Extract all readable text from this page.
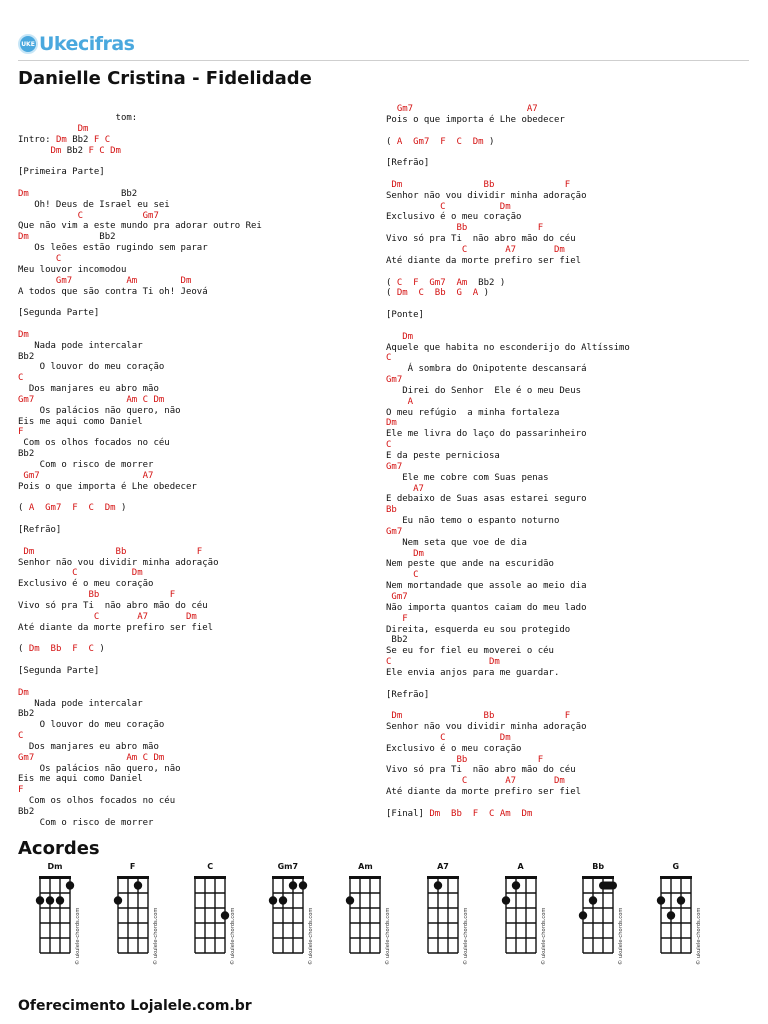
UKE Ukecifras
Danielle Cristina - Fidelidade
tom:
Dm
Intro: Dm Bb2 F C
Dm Bb2 F C Dm
[Primeira Parte]
Dm                 Bb2
Oh! Deus de Israel eu sei
C           Gm7
Que não vim a este mundo pra adorar outro Rei
Dm             Bb2
Os leões estão rugindo sem parar
C
Meu louvor incomodou
Gm7          Am        Dm
A todos que são contra Ti oh! Jeová
[Segunda Parte]
Dm
Nada pode intercalar
Bb2
O louvor do meu coração
C
Dos manjares eu abro mão
Gm7	Am C Dm
Os palácios não quero, não
Eis me aqui como Daniel
F
Com os olhos focados no céu
Bb2
Com o risco de morrer
Gm7                   A7
Pois o que importa é Lhe obedecer
( A Gm7 F C Dm )
[Refrão]
Dm               Bb             F
Senhor não vou dividir minha adoração
C          Dm
Exclusivo é o meu coração
Bb             F
Vivo só pra Ti  não abro mão do céu
C       A7       Dm
Até diante da morte prefiro ser fiel
( Dm Bb F C )
[Segunda Parte]
Dm
Nada pode intercalar
Bb2
O louvor do meu coração
C
Dos manjares eu abro mão
Gm7	Am C Dm
Os palácios não quero, não
Eis me aqui como Daniel
F
Com os olhos focados no céu
Bb2
Com o risco de morrer
Gm7                     A7
Pois o que importa é Lhe obedecer
( A Gm7 F C Dm )
[Refrão]
Dm               Bb             F
Senhor não vou dividir minha adoração
C          Dm
Exclusivo é o meu coração
Bb             F
Vivo só pra Ti  não abro mão do céu
C       A7       Dm
Até diante da morte prefiro ser fiel
( C F Gm7 Am  Bb2 )
( Dm C Bb G A )
[Ponte]
Dm
Aquele que habita no esconderijo do Altíssimo
C
Á sombra do Onipotente descansará
Gm7
Direi do Senhor  Ele é o meu Deus
A
O meu refúgio  a minha fortaleza
Dm
Ele me livra do laço do passarinheiro
C
E da peste perniciosa
Gm7
Ele me cobre com Suas penas
A7
E debaixo de Suas asas estarei seguro
Bb
Eu não temo o espanto noturno
Gm7
Nem seta que voe de dia
Dm
Nem peste que ande na escuridão
C
Nem mortandade que assole ao meio dia
Gm7
Não importa quantos caiam do meu lado
F
Direita, esquerda eu sou protegido
Bb2
Se eu for fiel eu moverei o céu
C                  Dm
Ele envia anjos para me guardar.
[Refrão]
Dm               Bb             F
Senhor não vou dividir minha adoração
C          Dm
Exclusivo é o meu coração
Bb             F
Vivo só pra Ti  não abro mão do céu
C       A7       Dm
Até diante da morte prefiro ser fiel
[Final] Dm Bb F C Am Dm
Acordes
Dm
© ukulele-chords.com
F
© ukulele-chords.com
C
© ukulele-chords.com
Gm7
© ukulele-chords.com
Am
© ukulele-chords.com
A7
© ukulele-chords.com
A
© ukulele-chords.com
Bb
© ukulele-chords.com
G
© ukulele-chords.com
Oferecimento Lojalele.com.br
